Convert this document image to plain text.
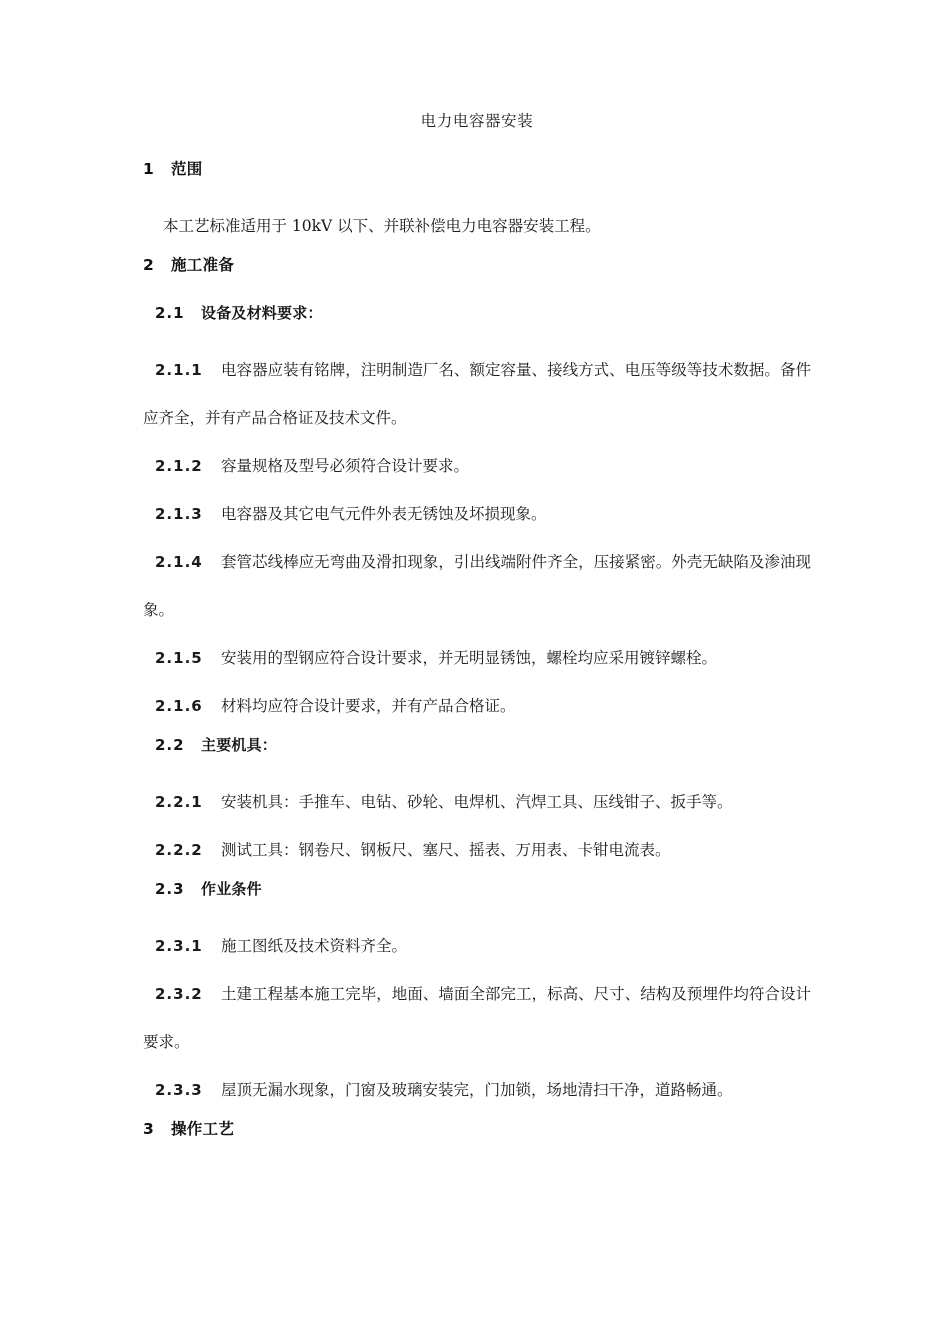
电力电容器安装
1 范围
本工艺标准适用于 10kV 以下、并联补偿电力电容器安装工程。
2 施工准备
2.1 设备及材料要求：
2.1.1 电容器应装有铭牌，注明制造厂名、额定容量、接线方式、电压等级等技术数据。备件应齐全，并有产品合格证及技术文件。
2.1.2 容量规格及型号必须符合设计要求。
2.1.3 电容器及其它电气元件外表无锈蚀及坏损现象。
2.1.4 套管芯线棒应无弯曲及滑扣现象，引出线端附件齐全，压接紧密。外壳无缺陷及渗油现象。
2.1.5 安装用的型钢应符合设计要求，并无明显锈蚀，螺栓均应采用镀锌螺栓。
2.1.6 材料均应符合设计要求，并有产品合格证。
2.2 主要机具：
2.2.1 安装机具：手推车、电钻、砂轮、电焊机、汽焊工具、压线钳子、扳手等。
2.2.2 测试工具：钢卷尺、钢板尺、塞尺、摇表、万用表、卡钳电流表。
2.3 作业条件
2.3.1 施工图纸及技术资料齐全。
2.3.2 土建工程基本施工完毕，地面、墙面全部完工，标高、尺寸、结构及预埋件均符合设计要求。
2.3.3 屋顶无漏水现象，门窗及玻璃安装完，门加锁，场地清扫干净，道路畅通。
3 操作工艺
